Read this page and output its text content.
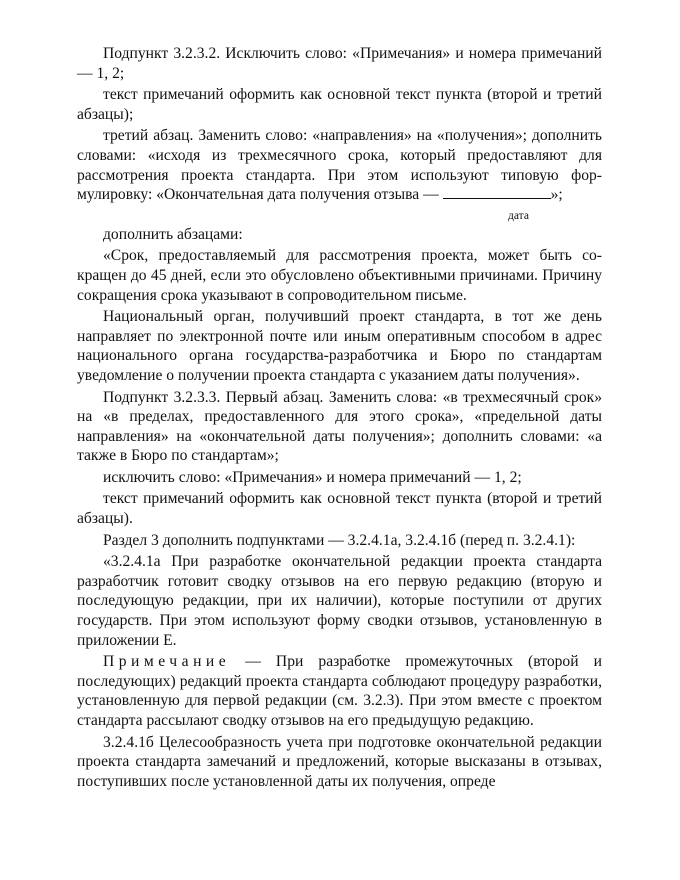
Подпункт 3.2.3.2. Исключить слово: «Примечания» и номера примечаний — 1, 2;

текст примечаний оформить как основной текст пункта (второй и третий абзацы);

третий абзац. Заменить слово: «направления» на «получения»; дополнить словами: «исходя из трехмесячного срока, который предоставляют для рассмотрения проекта стандарта. При этом используют типовую формулировку: «Окончательная дата получения отзыва —	»;

дата

дополнить абзацами:

«Срок, предоставляемый для рассмотрения проекта, может быть сокращен до 45 дней, если это обусловлено объективными причинами. Причину сокращения срока указывают в сопроводительном письме.

Национальный орган, получивший проект стандарта, в тот же день направляет по электронной почте или иным оперативным способом в адрес национального органа государства-разработчика и Бюро по стандартам уведомление о получении проекта стандарта с указанием даты получения».

Подпункт 3.2.3.3. Первый абзац. Заменить слова: «в трехмесячный срок» на «в пределах, предоставленного для этого срока», «предельной даты направления» на «окончательной даты получения»; дополнить словами: «а также в Бюро по стандартам»;

исключить слово: «Примечания» и номера примечаний — 1, 2;

текст примечаний оформить как основной текст пункта (второй и третий абзацы).

Раздел 3 дополнить подпунктами — 3.2.4.1а, 3.2.4.1б (перед п. 3.2.4.1):

«3.2.4.1а При разработке окончательной редакции проекта стандарта разработчик готовит сводку отзывов на его первую редакцию (вторую и последующую редакции, при их наличии), которые поступили от других государств. При этом используют форму сводки отзывов, установленную в приложении Е.

Примечание — При разработке промежуточных (второй и последующих) редакций проекта стандарта соблюдают процедуру разработки, установленную для первой редакции (см. 3.2.3). При этом вместе с проектом стандарта рассылают сводку отзывов на его предыдущую редакцию.

3.2.4.1б Целесообразность учета при подготовке окончательной редакции проекта стандарта замечаний и предложений, которые высказаны в отзывах, поступивших после установленной даты их получения, опреде
